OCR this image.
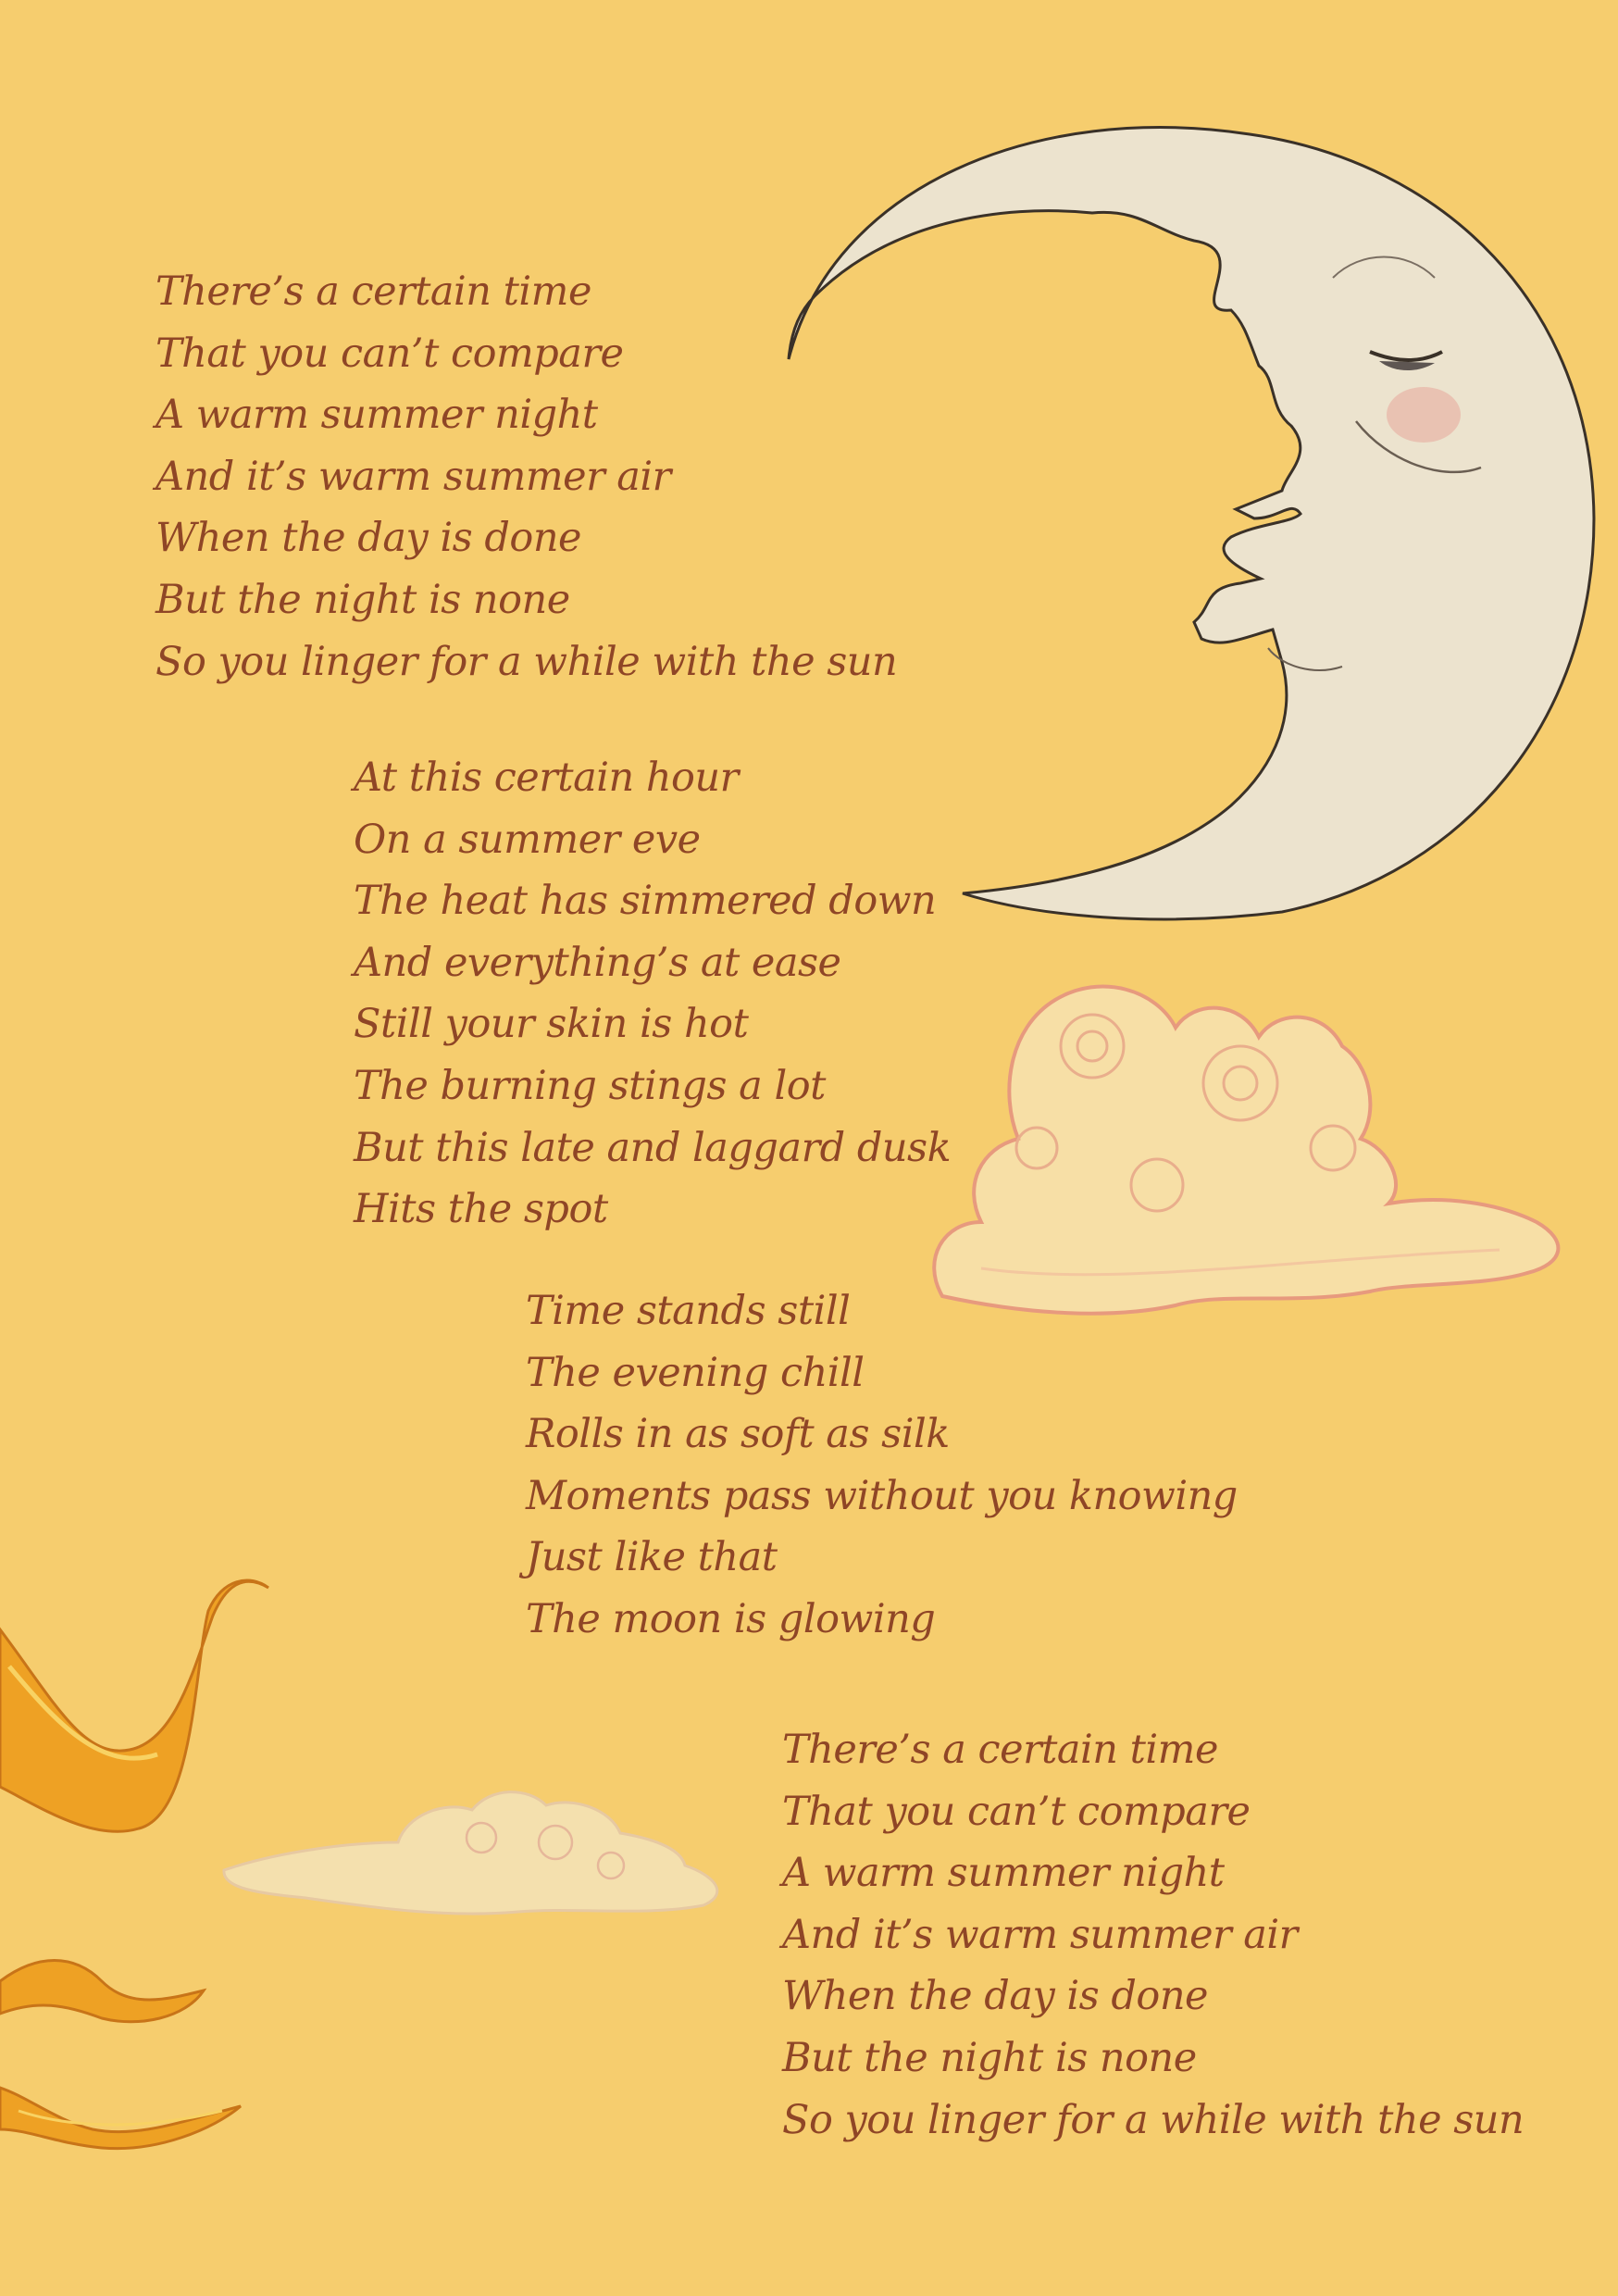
There’s a certain time
That you can’t compare
A warm summer night
And it’s warm summer air
When the day is done
But the night is none
So you linger for a while with the sun
At this certain hour
On a summer eve
The heat has simmered down
And everything’s at ease
Still your skin is hot
The burning stings a lot
But this late and laggard dusk
Hits the spot
Time stands still
The evening chill
Rolls in as soft as silk
Moments pass without you knowing
Just like that
The moon is glowing
There’s a certain time
That you can’t compare
A warm summer night
And it’s warm summer air
When the day is done
But the night is none
So you linger for a while with the sun
